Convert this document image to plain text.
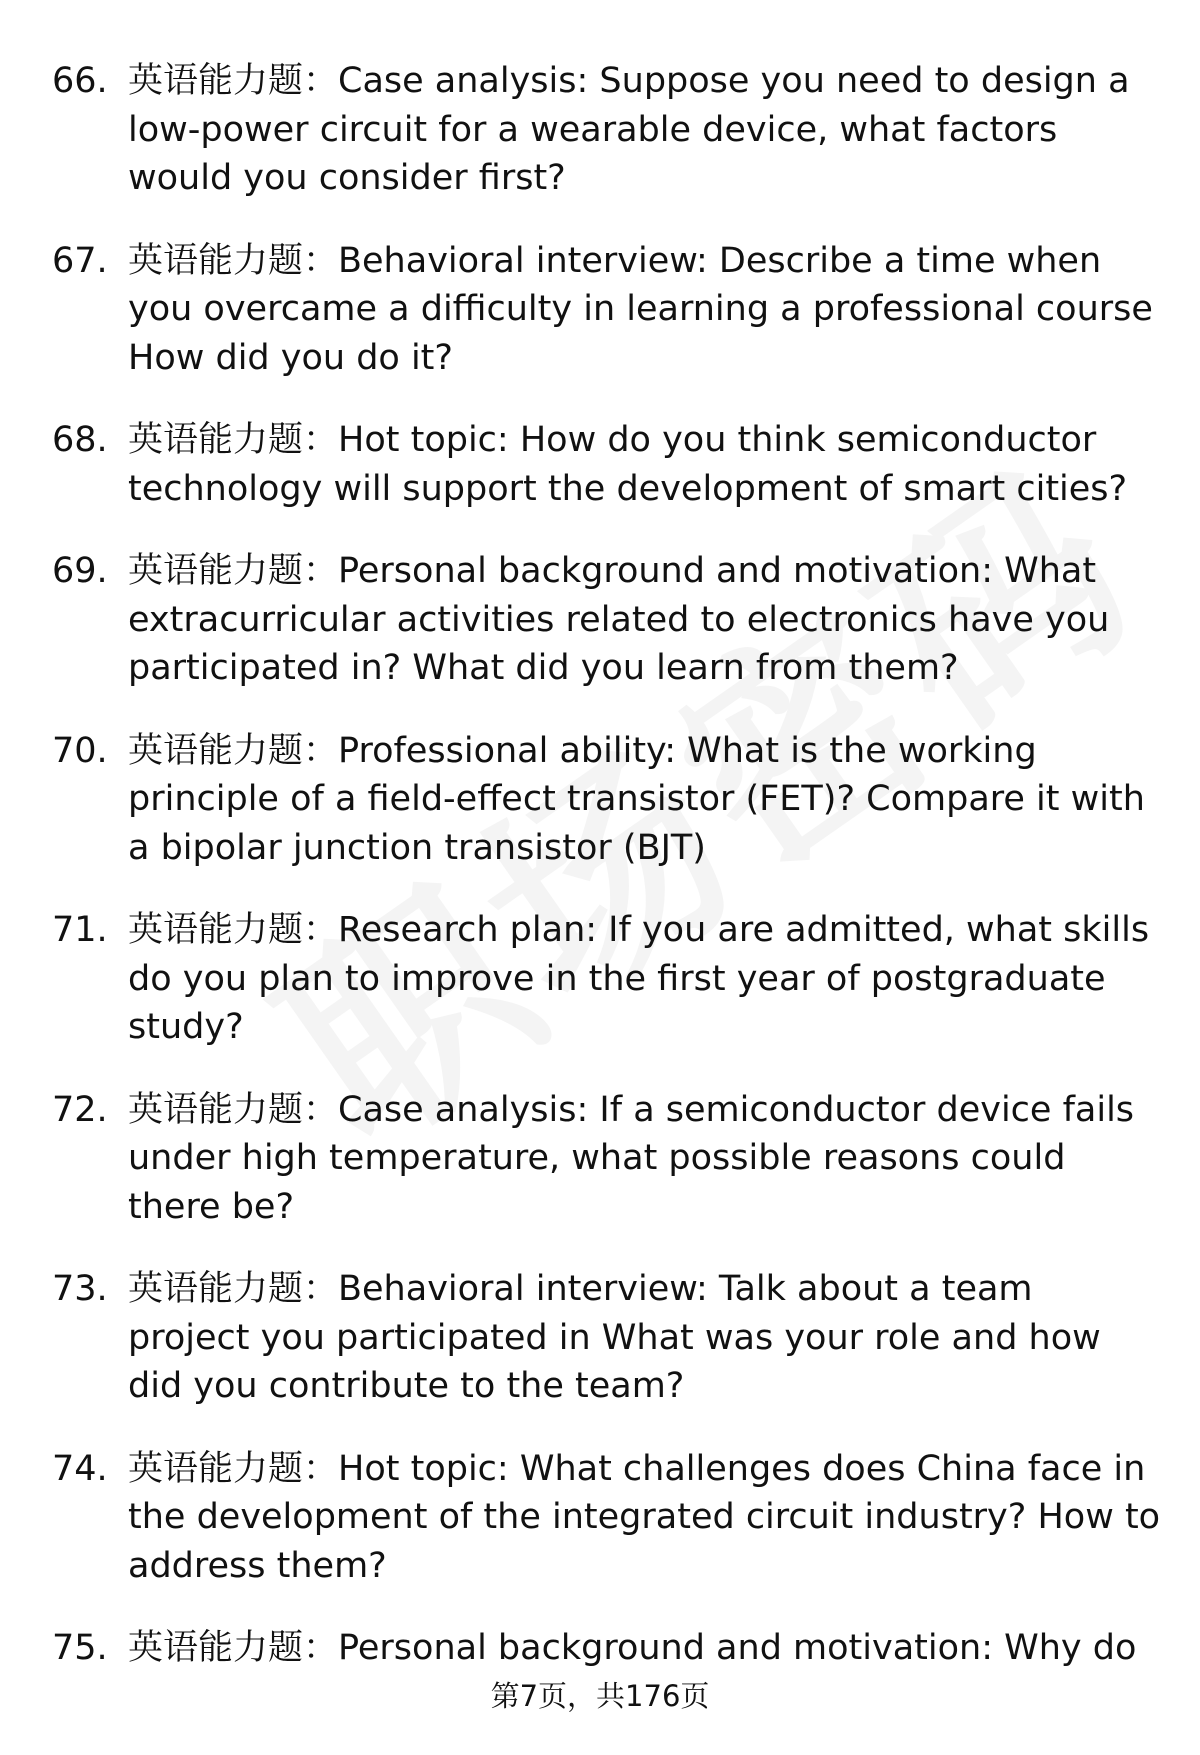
66. 英语能力题：Case analysis: Suppose you need to design a low-power circuit for a wearable device, what factors would you consider first?
67. 英语能力题：Behavioral interview: Describe a time when you overcame a difficulty in learning a professional course How did you do it?
68. 英语能力题：Hot topic: How do you think semiconductor technology will support the development of smart cities?
69. 英语能力题：Personal background and motivation: What extracurricular activities related to electronics have you participated in? What did you learn from them?
70. 英语能力题：Professional ability: What is the working principle of a field-effect transistor (FET)? Compare it with a bipolar junction transistor (BJT)
71. 英语能力题：Research plan: If you are admitted, what skills do you plan to improve in the first year of postgraduate study?
72. 英语能力题：Case analysis: If a semiconductor device fails under high temperature, what possible reasons could there be?
73. 英语能力题：Behavioral interview: Talk about a team project you participated in What was your role and how did you contribute to the team?
74. 英语能力题：Hot topic: What challenges does China face in the development of the integrated circuit industry? How to address them?
75. 英语能力题：Personal background and motivation: Why do
第7页，共176页
